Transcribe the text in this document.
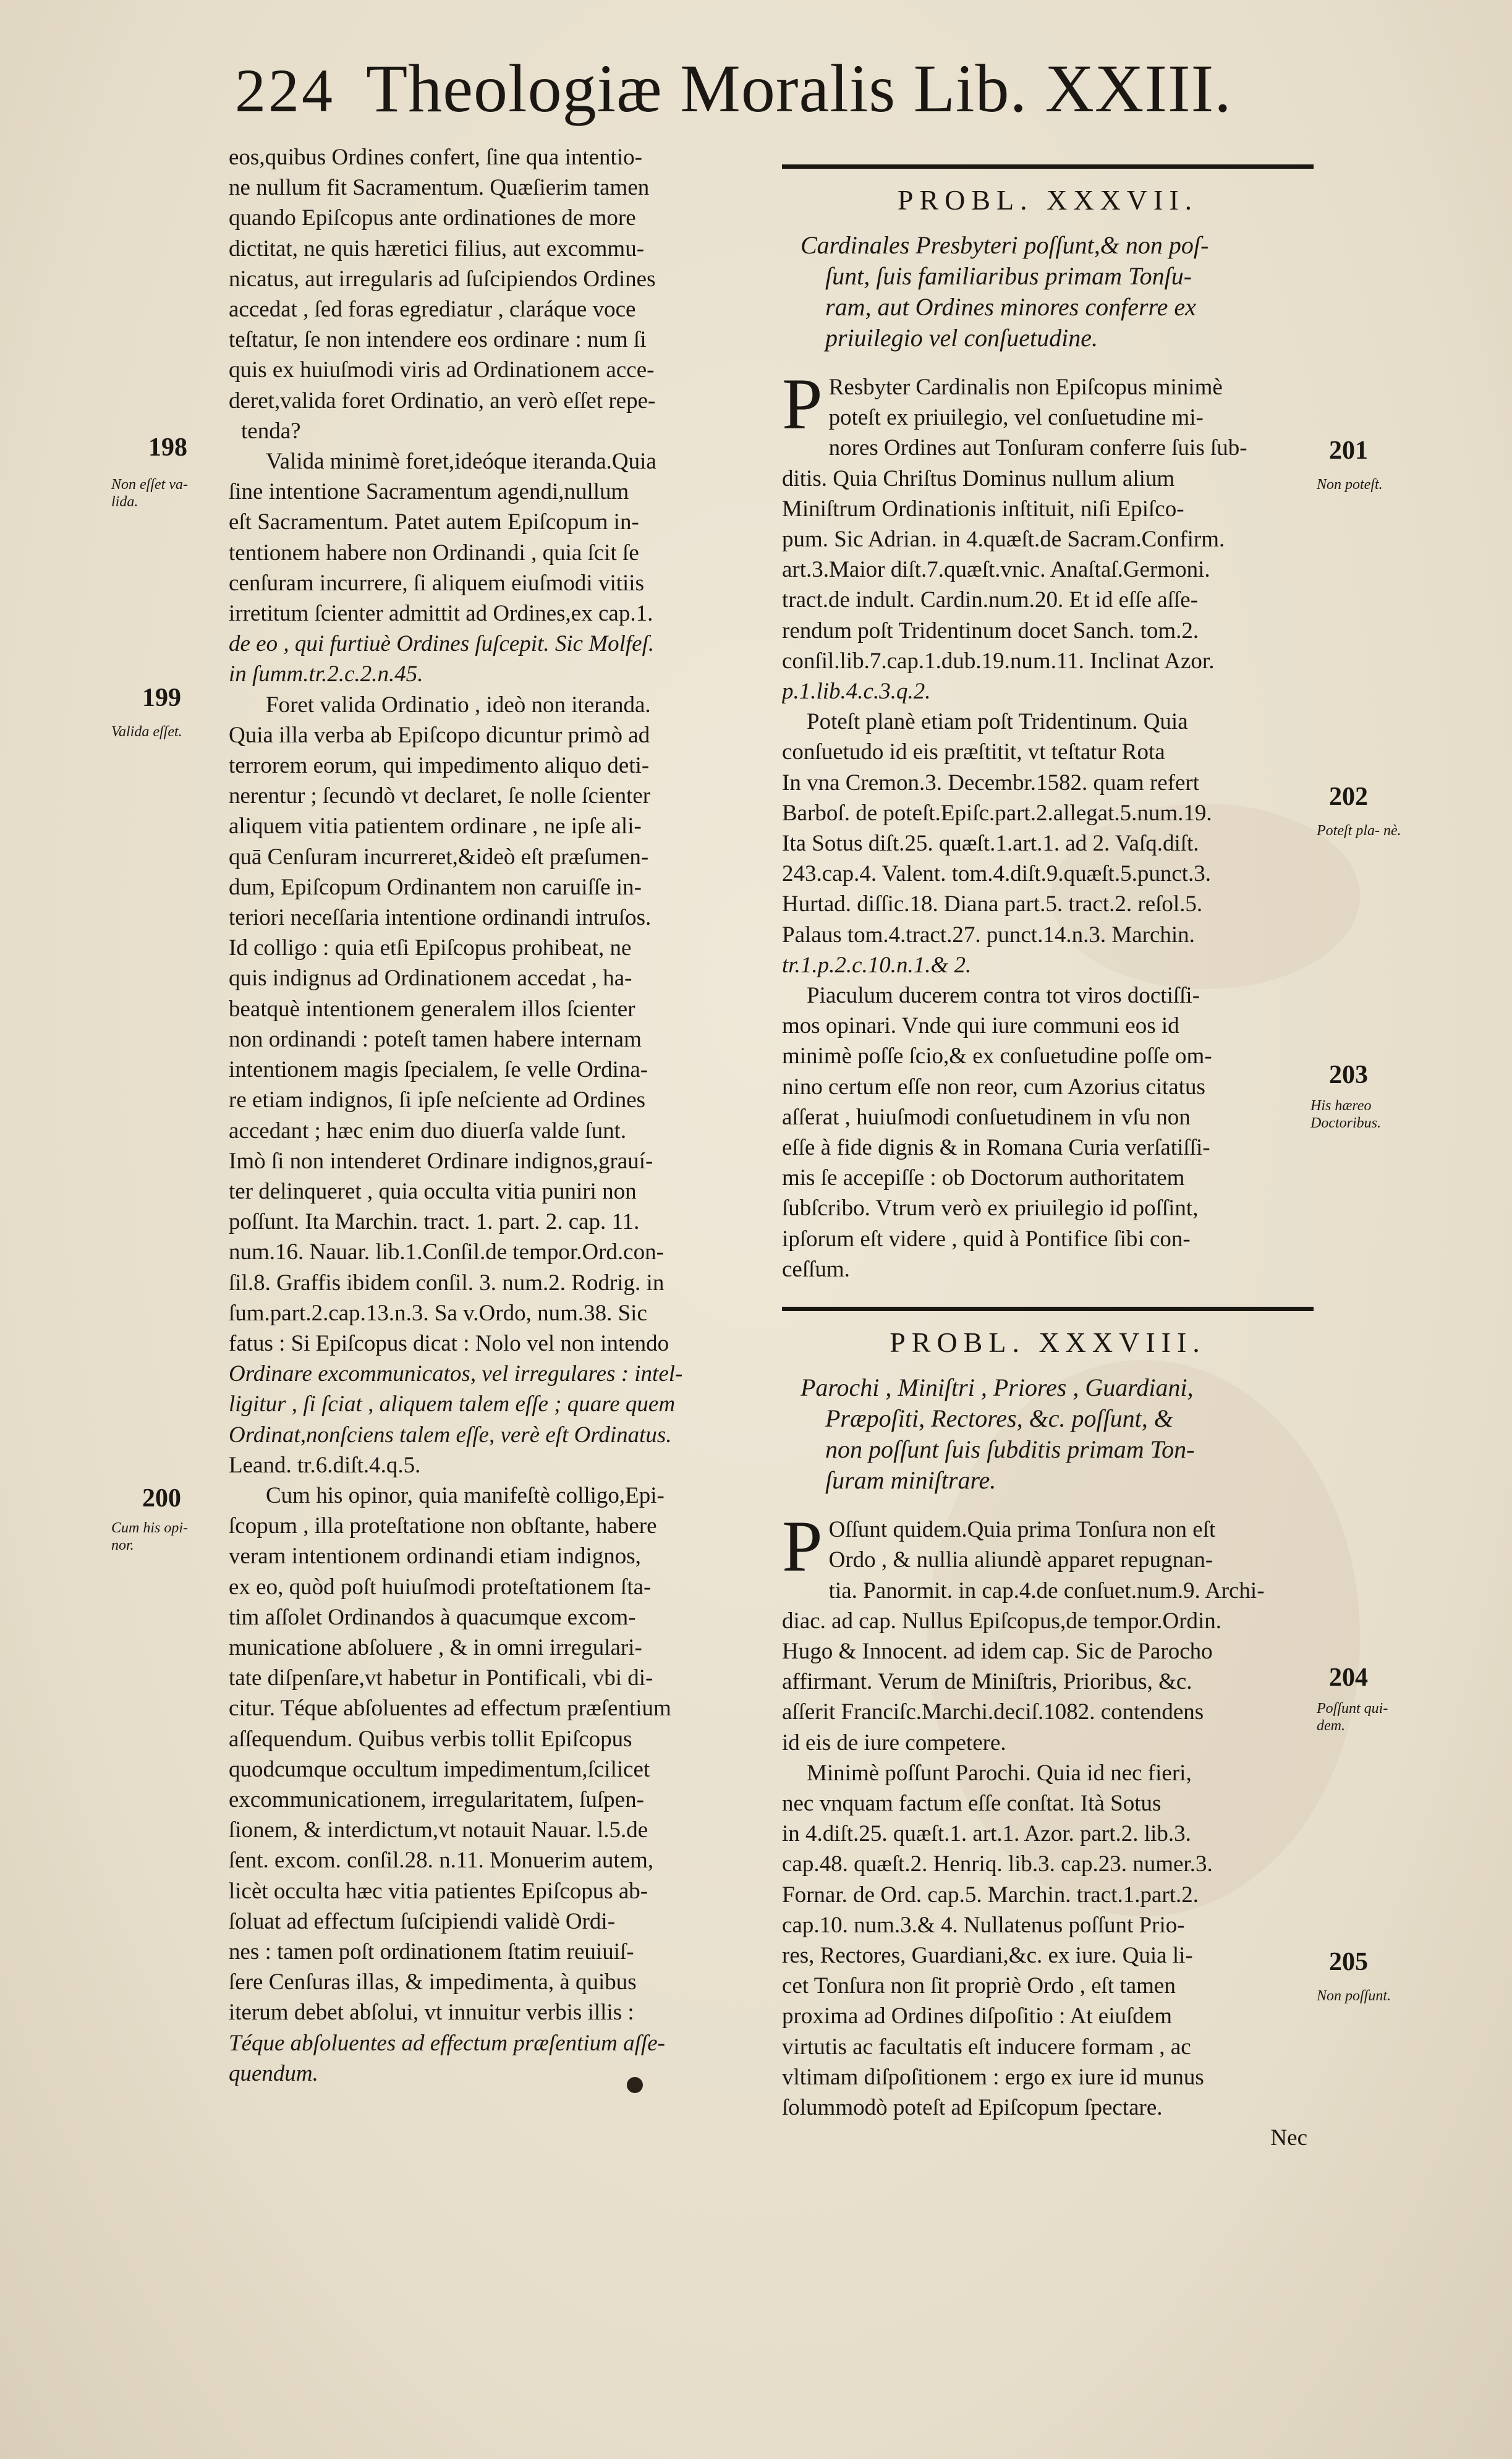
224 Theologiæ Moralis Lib. XXIII.

eos,quibus Ordines confert, ſine qua intentio-
ne nullum fit Sacramentum. Quæſierim tamen
quando Epiſcopus ante ordinationes de more
dictitat, ne quis hæretici filius, aut excommu-
nicatus, aut irregularis ad ſuſcipiendos Ordines
accedat , ſed foras egrediatur , claráque voce
teſtatur, ſe non intendere eos ordinare : num ſi
quis ex huiuſmodi viris ad Ordinationem acce-
deret,valida foret Ordinatio, an verò eſſet repe-
tenda?

Valida minimè foret,ideóque iteranda.Quia
ſine intentione Sacramentum agendi,nullum
eſt Sacramentum. Patet autem Epiſcopum in-
tentionem habere non Ordinandi , quia ſcit ſe
cenſuram incurrere, ſi aliquem eiuſmodi vitiis
irretitum ſcienter admittit ad Ordines,ex cap.1.
de eo , qui furtiuè Ordines ſuſcepit. Sic Molfeſ.
in ſumm.tr.2.c.2.n.45.

Foret valida Ordinatio , ideò non iteranda.
Quia illa verba ab Epiſcopo dicuntur primò ad
terrorem eorum, qui impedimento aliquo deti-
nerentur ; ſecundò vt declaret, ſe nolle ſcienter
aliquem vitia patientem ordinare , ne ipſe ali-
quā Cenſuram incurreret,&ideò eſt præſumen-
dum, Epiſcopum Ordinantem non caruiſſe in-
teriori neceſſaria intentione ordinandi intruſos.
Id colligo : quia etſi Epiſcopus prohibeat, ne
quis indignus ad Ordinationem accedat , ha-
beatquè intentionem generalem illos ſcienter
non ordinandi : poteſt tamen habere internam
intentionem magis ſpecialem, ſe velle Ordina-
re etiam indignos, ſi ipſe neſciente ad Ordines
accedant ; hæc enim duo diuerſa valde ſunt.
Imò ſi non intenderet Ordinare indignos,grauí-
ter delinqueret , quia occulta vitia puniri non
poſſunt. Ita Marchin. tract. 1. part. 2. cap. 11.
num.16. Nauar. lib.1.Conſil.de tempor.Ord.con-
ſil.8. Graffis ibidem conſil. 3. num.2. Rodrig. in
ſum.part.2.cap.13.n.3. Sa v.Ordo, num.38. Sic
fatus : Si Epiſcopus dicat : Nolo vel non intendo
Ordinare excommunicatos, vel irregulares : intel-
ligitur , ſi ſciat , aliquem talem eſſe ; quare quem
Ordinat,nonſciens talem eſſe, verè eſt Ordinatus.
Leand. tr.6.diſt.4.q.5.

Cum his opinor, quia manifeſtè colligo,Epi-
ſcopum , illa proteſtatione non obſtante, habere
veram intentionem ordinandi etiam indignos,
ex eo, quòd poſt huiuſmodi proteſtationem ſta-
tim aſſolet Ordinandos à quacumque excom-
municatione abſoluere , & in omni irregulari-
tate diſpenſare,vt habetur in Pontificali, vbi di-
citur. Téque abſoluentes ad effectum præſentium
aſſequendum. Quibus verbis tollit Epiſcopus
quodcumque occultum impedimentum,ſcilicet
excommunicationem, irregularitatem, ſuſpen-
ſionem, & interdictum,vt notauit Nauar. l.5.de
ſent. excom. conſil.28. n.11. Monuerim autem,
licèt occulta hæc vitia patientes Epiſcopus ab-
ſoluat ad effectum ſuſcipiendi validè Ordi-
nes : tamen poſt ordinationem ſtatim reuiuiſ-
ſere Cenſuras illas, & impedimenta, à quibus
iterum debet abſolui, vt innuitur verbis illis :
Téque abſoluentes ad effectum præſentium aſſe-
quendum.

198
Non eſſet va- lida.
199
Valida eſſet.
200
Cum his opi- nor.
PROBL. XXXVII.
Cardinales Presbyteri poſſunt,& non poſ-
ſunt, ſuis familiaribus primam Tonſu-
ram, aut Ordines minores conferre ex
priuilegio vel conſuetudine.

P Resbyter Cardinalis non Epiſcopus minimè
poteſt ex priuilegio, vel conſuetudine mi-
nores Ordines aut Tonſuram conferre ſuis ſub-
ditis. Quia Chriſtus Dominus nullum alium
Miniſtrum Ordinationis inſtituit, niſi Epiſco-
pum. Sic Adrian. in 4.quæſt.de Sacram.Confirm.
art.3.Maior diſt.7.quæſt.vnic. Anaſtaſ.Germoni.
tract.de indult. Cardin.num.20. Et id eſſe aſſe-
rendum poſt Tridentinum docet Sanch. tom.2.
conſil.lib.7.cap.1.dub.19.num.11. Inclinat Azor.
p.1.lib.4.c.3.q.2.

Poteſt planè etiam poſt Tridentinum. Quia
conſuetudo id eis præſtitit, vt teſtatur Rota
In vna Cremon.3. Decembr.1582. quam refert
Barboſ. de poteſt.Epiſc.part.2.allegat.5.num.19.
Ita Sotus diſt.25. quæſt.1.art.1. ad 2. Vaſq.diſt.
243.cap.4. Valent. tom.4.diſt.9.quæſt.5.punct.3.
Hurtad. diſſic.18. Diana part.5. tract.2. reſol.5.
Palaus tom.4.tract.27. punct.14.n.3. Marchin.
tr.1.p.2.c.10.n.1.& 2.

Piaculum ducerem contra tot viros doctiſſi-
mos opinari. Vnde qui iure communi eos id
minimè poſſe ſcio,& ex conſuetudine poſſe om-
nino certum eſſe non reor, cum Azorius citatus
aſſerat , huiuſmodi conſuetudinem in vſu non
eſſe à fide dignis & in Romana Curia verſatiſſi-
mis ſe accepiſſe : ob Doctorum authoritatem
ſubſcribo. Vtrum verò ex priuilegio id poſſint,
ipſorum eſt videre , quid à Pontifice ſibi con-
ceſſum.

PROBL. XXXVIII.
Parochi , Miniſtri , Priores , Guardiani,
Præpoſiti, Rectores, &c. poſſunt, &
non poſſunt ſuis ſubditis primam Ton-
ſuram miniſtrare.

P Oſſunt quidem.Quia prima Tonſura non eſt
Ordo , & nullia aliundè apparet repugnan-
tia. Panormit. in cap.4.de conſuet.num.9. Archi-
diac. ad cap. Nullus Epiſcopus,de tempor.Ordin.
Hugo & Innocent. ad idem cap. Sic de Parocho
affirmant. Verum de Miniſtris, Prioribus, &c.
aſſerit Franciſc.Marchi.deciſ.1082. contendens
id eis de iure competere.

Minimè poſſunt Parochi. Quia id nec fieri,
nec vnquam factum eſſe conſtat. Ità Sotus
in 4.diſt.25. quæſt.1. art.1. Azor. part.2. lib.3.
cap.48. quæſt.2. Henriq. lib.3. cap.23. numer.3.
Fornar. de Ord. cap.5. Marchin. tract.1.part.2.
cap.10. num.3.& 4. Nullatenus poſſunt Prio-
res, Rectores, Guardiani,&c. ex iure. Quia li-
cet Tonſura non ſit propriè Ordo , eſt tamen
proxima ad Ordines diſpoſitio : At eiuſdem
virtutis ac facultatis eſt inducere formam , ac
vltimam diſpoſitionem : ergo ex iure id munus
ſolummodò poteſt ad Epiſcopum ſpectare.

Nec
201
Non poteſt.
202
Poteſt pla- nè.
203
His hæreo Doctoribus.
204
Poſſunt qui- dem.
205
Non poſſunt.
